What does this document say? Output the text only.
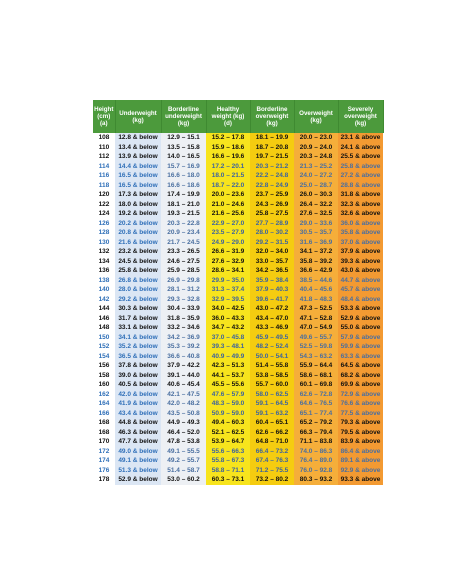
Height (cm) (a)	Underweight (kg)	Borderline underweight (kg)	Healthy weight (kg) (d)	Borderline overweight (kg)	Overweight (kg)	Severely overweight (kg)
108	12.8 & below	12.9 – 15.1	15.2 – 17.8	18.1 – 19.9	20.0 – 23.0	23.1 & above
110	13.4 & below	13.5 – 15.8	15.9 – 18.6	18.7 – 20.8	20.9 – 24.0	24.1 & above
112	13.9 & below	14.0 – 16.5	16.6 – 19.6	19.7 – 21.5	20.3 – 24.8	25.5 & above
114	14.4 & below	15.7 – 16.9	17.2 – 20.1	20.3 – 21.2	21.3 – 25.2	25.8 & above
116	16.5 & below	16.6 – 18.0	18.0 – 21.5	22.2 – 24.8	24.0 – 27.2	27.2 & above
118	16.5 & below	16.6 – 18.6	18.7 – 22.0	22.8 – 24.9	25.0 – 28.7	28.8 & above
120	17.3 & below	17.4 – 19.9	20.0 – 23.6	23.7 – 25.9	26.0 – 30.3	31.8 & above
122	18.0 & below	18.1 – 21.0	21.0 – 24.6	24.3 – 26.9	26.4 – 32.2	32.3 & above
124	19.2 & below	19.3 – 21.5	21.6 – 25.6	25.8 – 27.5	27.6 – 32.5	32.6 & above
126	20.2 & below	20.3 – 22.8	22.9 – 27.0	27.7 – 28.9	29.0 – 33.6	36.0 & above
128	20.8 & below	20.9 – 23.4	23.5 – 27.9	28.0 – 30.2	30.5 – 35.7	35.8 & above
130	21.6 & below	21.7 – 24.5	24.9 – 29.0	29.2 – 31.5	31.6 – 36.9	37.0 & above
132	23.2 & below	23.3 – 26.5	26.6 – 31.9	32.0 – 34.0	34.1 – 37.2	37.9 & above
134	24.5 & below	24.6 – 27.5	27.6 – 32.9	33.0 – 35.7	35.8 – 39.2	39.3 & above
136	25.8 & below	25.9 – 28.5	28.6 – 34.1	34.2 – 36.5	36.6 – 42.9	43.0 & above
138	26.8 & below	26.9 – 29.8	29.9 – 35.0	35.9 – 38.4	38.5 – 44.6	44.7 & above
140	28.0 & below	28.1 – 31.2	31.3 – 37.4	37.9 – 40.3	40.4 – 45.6	45.7 & above
142	29.2 & below	29.3 – 32.8	32.9 – 39.5	39.6 – 41.7	41.8 – 48.3	48.4 & above
144	30.3 & below	30.4 – 33.9	34.0 – 42.5	43.0 – 47.2	47.3 – 52.5	53.3 & above
146	31.7 & below	31.8 – 35.9	36.0 – 43.3	43.4 – 47.0	47.1 – 52.8	52.9 & above
148	33.1 & below	33.2 – 34.6	34.7 – 43.2	43.3 – 46.9	47.0 – 54.9	55.0 & above
150	34.1 & below	34.2 – 36.9	37.0 – 45.8	45.9 – 49.5	49.6 – 55.7	57.9 & above
152	35.2 & below	35.3 – 39.2	39.3 – 48.1	48.2 – 52.4	52.5 – 59.8	59.9 & above
154	36.5 & below	36.6 – 40.8	40.9 – 49.9	50.0 – 54.1	54.3 – 63.2	63.3 & above
156	37.8 & below	37.9 – 42.2	42.3 – 51.3	51.4 – 55.8	55.9 – 64.4	64.5 & above
158	39.0 & below	39.1 – 44.0	44.1 – 53.7	53.8 – 58.5	58.6 – 68.1	68.2 & above
160	40.5 & below	40.6 – 45.4	45.5 – 55.6	55.7 – 60.0	60.1 – 69.8	69.9 & above
162	42.0 & below	42.1 – 47.5	47.6 – 57.9	58.0 – 62.5	62.6 – 72.8	72.9 & above
164	41.9 & below	42.0 – 48.2	48.3 – 59.0	59.1 – 64.5	64.6 – 76.5	76.6 & above
166	43.4 & below	43.5 – 50.8	50.9 – 59.0	59.1 – 63.2	65.1 – 77.4	77.5 & above
168	44.8 & below	44.9 – 49.3	49.4 – 60.3	60.4 – 65.1	65.2 – 79.2	79.3 & above
168	46.3 & below	46.4 – 52.0	52.1 – 62.5	62.6 – 66.2	66.3 – 79.4	79.5 & above
170	47.7 & below	47.8 – 53.8	53.9 – 64.7	64.8 – 71.0	71.1 – 83.8	83.9 & above
172	49.0 & below	49.1 – 55.5	55.6 – 66.3	66.4 – 73.2	74.0 – 86.3	86.4 & above
174	49.1 & below	49.2 – 55.7	55.8 – 67.3	67.4 – 76.3	76.4 – 89.0	89.1 & above
176	51.3 & below	51.4 – 58.7	58.8 – 71.1	71.2 – 75.5	76.0 – 92.8	92.9 & above
178	52.9 & below	53.0 – 60.2	60.3 – 73.1	73.2 – 80.2	80.3 – 93.2	93.3 & above
